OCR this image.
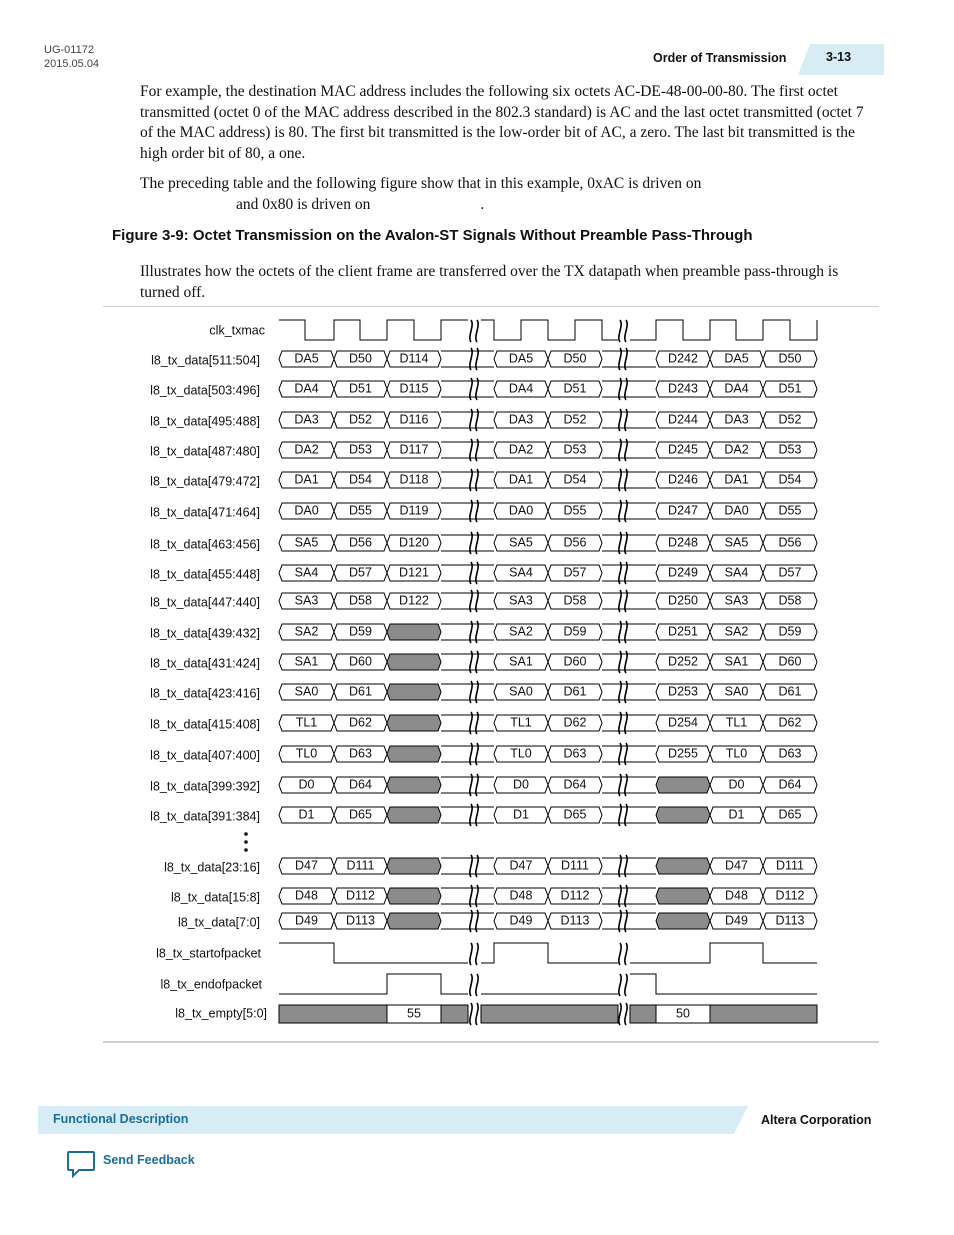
UG-01172
2015.05.04	Order of Transmission	3-13

For example, the destination MAC address includes the following six octets AC-DE-48-00-00-80. The first octet transmitted (octet 0 of the MAC address described in the 802.3 standard) is AC and the last octet transmitted (octet 7 of the MAC address) is 80. The first bit transmitted is the low-order bit of AC, a zero. The last bit transmitted is the high order bit of 80, a one.

The preceding table and the following figure show that in this example, 0xAC is driven on
and 0x80 is driven on	.

Figure 3-9: Octet Transmission on the Avalon-ST Signals Without Preamble Pass-Through

Illustrates how the octets of the client frame are transferred over the TX datapath when preamble pass-through is turned off.

clk_txmac
l8_tx_data[511:504]	DA5 D50 D114	DA5 D50	D242 DA5 D50
l8_tx_data[503:496]	DA4 D51 D115	DA4 D51	D243 DA4 D51
l8_tx_data[495:488]	DA3 D52 D116	DA3 D52	D244 DA3 D52
l8_tx_data[487:480]	DA2 D53 D117	DA2 D53	D245 DA2 D53
l8_tx_data[479:472]	DA1 D54 D118	DA1 D54	D246 DA1 D54
l8_tx_data[471:464]	DA0 D55 D119	DA0 D55	D247 DA0 D55
l8_tx_data[463:456]	SA5 D56 D120	SA5 D56	D248 SA5 D56
l8_tx_data[455:448]	SA4 D57 D121	SA4 D57	D249 SA4 D57
l8_tx_data[447:440]	SA3 D58 D122	SA3 D58	D250 SA3 D58
l8_tx_data[439:432]	SA2 D59	SA2 D59	D251 SA2 D59
l8_tx_data[431:424]	SA1 D60	SA1 D60	D252 SA1 D60
l8_tx_data[423:416]	SA0 D61	SA0 D61	D253 SA0 D61
l8_tx_data[415:408]	TL1	D62	TL1	D62	D254 TL1	D62
l8_tx_data[407:400]	TL0	D63	TL0	D63	D255 TL0	D63
l8_tx_data[399:392]	D0	D64	D0	D64	D0	D64
l8_tx_data[391:384]	D1	D65	D1	D65	D1	D65
l8_tx_data[23:16]	D47 D111	D47 D111	D47 D111
l8_tx_data[15:8]	D48 D112	D48 D112	D48 D112
l8_tx_data[7:0]	D49 D113	D49 D113	D49 D113
l8_tx_startofpacket
l8_tx_endofpacket
l8_tx_empty[5:0]	55	50
Functional Description	Altera Corporation
Send Feedback
